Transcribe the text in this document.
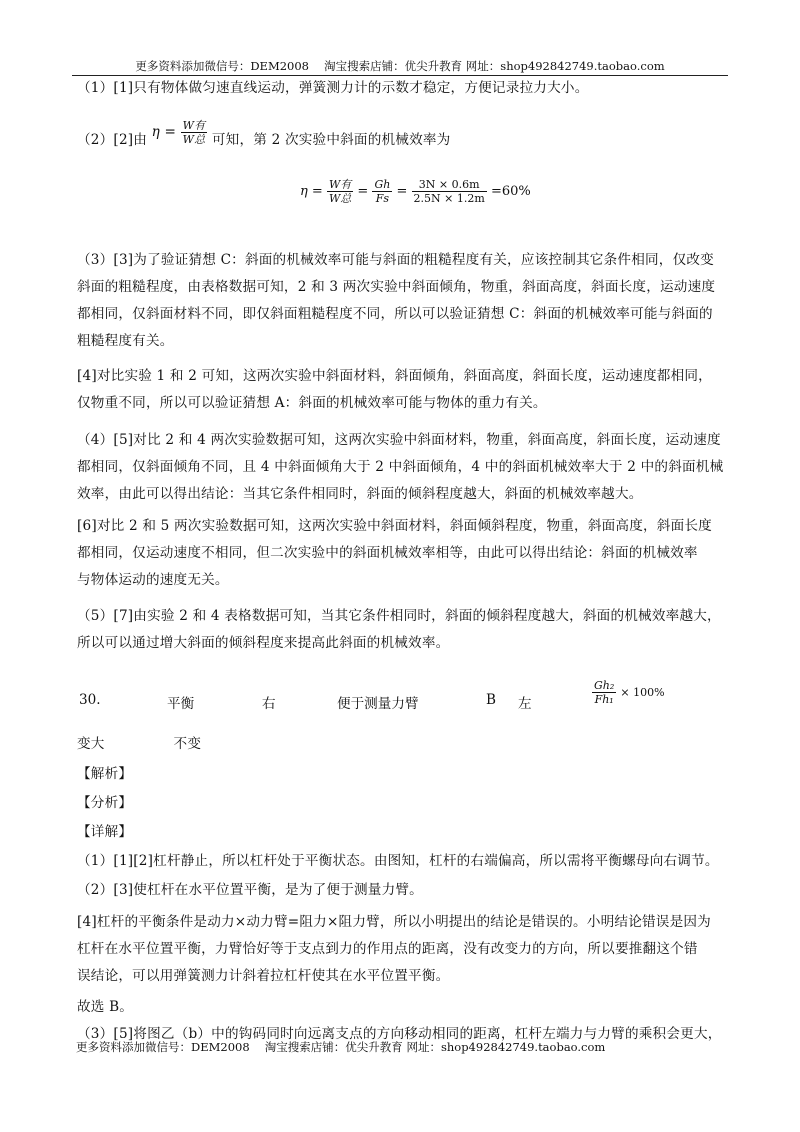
更多资料添加微信号：DEM2008　 淘宝搜索店铺：优尖升教育 网址：shop492842749.taobao.com
（1）[1]只有物体做匀速直线运动，弹簧测力计的示数才稳定，方便记录拉力大小。
（2）[2]由 $\eta = \frac{\text{W有}}{\text{W总}}$ 可知，第 2 次实验中斜面的机械效率为
$\eta = \frac{\text{W有}}{\text{W总}} = \frac{Gh}{Fs} = \frac{3N \times 0.6m}{2.5N \times 1.2m} =60\%$
（3）[3]为了验证猜想 C：斜面的机械效率可能与斜面的粗糙程度有关，应该控制其它条件相同，仅改变
斜面的粗糙程度，由表格数据可知，2 和 3 两次实验中斜面倾角，物重，斜面高度，斜面长度，运动速度
都相同，仅斜面材料不同，即仅斜面粗糙程度不同，所以可以验证猜想 C：斜面的机械效率可能与斜面的
粗糙程度有关。
[4]对比实验 1 和 2 可知，这两次实验中斜面材料，斜面倾角，斜面高度，斜面长度，运动速度都相同，
仅物重不同，所以可以验证猜想 A：斜面的机械效率可能与物体的重力有关。
（4）[5]对比 2 和 4 两次实验数据可知，这两次实验中斜面材料，物重，斜面高度，斜面长度，运动速度
都相同，仅斜面倾角不同，且 4 中斜面倾角大于 2 中斜面倾角，4 中的斜面机械效率大于 2 中的斜面机械
效率，由此可以得出结论：当其它条件相同时，斜面的倾斜程度越大，斜面的机械效率越大。
[6]对比 2 和 5 两次实验数据可知，这两次实验中斜面材料，斜面倾斜程度，物重，斜面高度，斜面长度
都相同，仅运动速度不相同，但二次实验中的斜面机械效率相等，由此可以得出结论：斜面的机械效率
与物体运动的速度无关。
（5）[7]由实验 2 和 4 表格数据可知，当其它条件相同时，斜面的倾斜程度越大，斜面的机械效率越大，
所以可以通过增大斜面的倾斜程度来提高此斜面的机械效率。
30.	平衡	右	便于测量力臂	B 左	$\frac{\text{Gh₂}}{\text{Fh₁}} \times 100\%$
变大　　　　　不变
【解析】
【分析】
【详解】
（1）[1][2]杠杆静止，所以杠杆处于平衡状态。由图知，杠杆的右端偏高，所以需将平衡螺母向右调节。
（2）[3]使杠杆在水平位置平衡，是为了便于测量力臂。
[4]杠杆的平衡条件是动力×动力臂=阻力×阻力臂，所以小明提出的结论是错误的。小明结论错误是因为
杠杆在水平位置平衡，力臂恰好等于支点到力的作用点的距离，没有改变力的方向，所以要推翻这个错
误结论，可以用弹簧测力计斜着拉杠杆使其在水平位置平衡。
故选 B。
（3）[5]将图乙（b）中的钩码同时向远离支点的方向移动相同的距离，杠杆左端力与力臂的乘积会更大，
更多资料添加微信号：DEM2008　 淘宝搜索店铺：优尖升教育 网址：shop492842749.taobao.com
